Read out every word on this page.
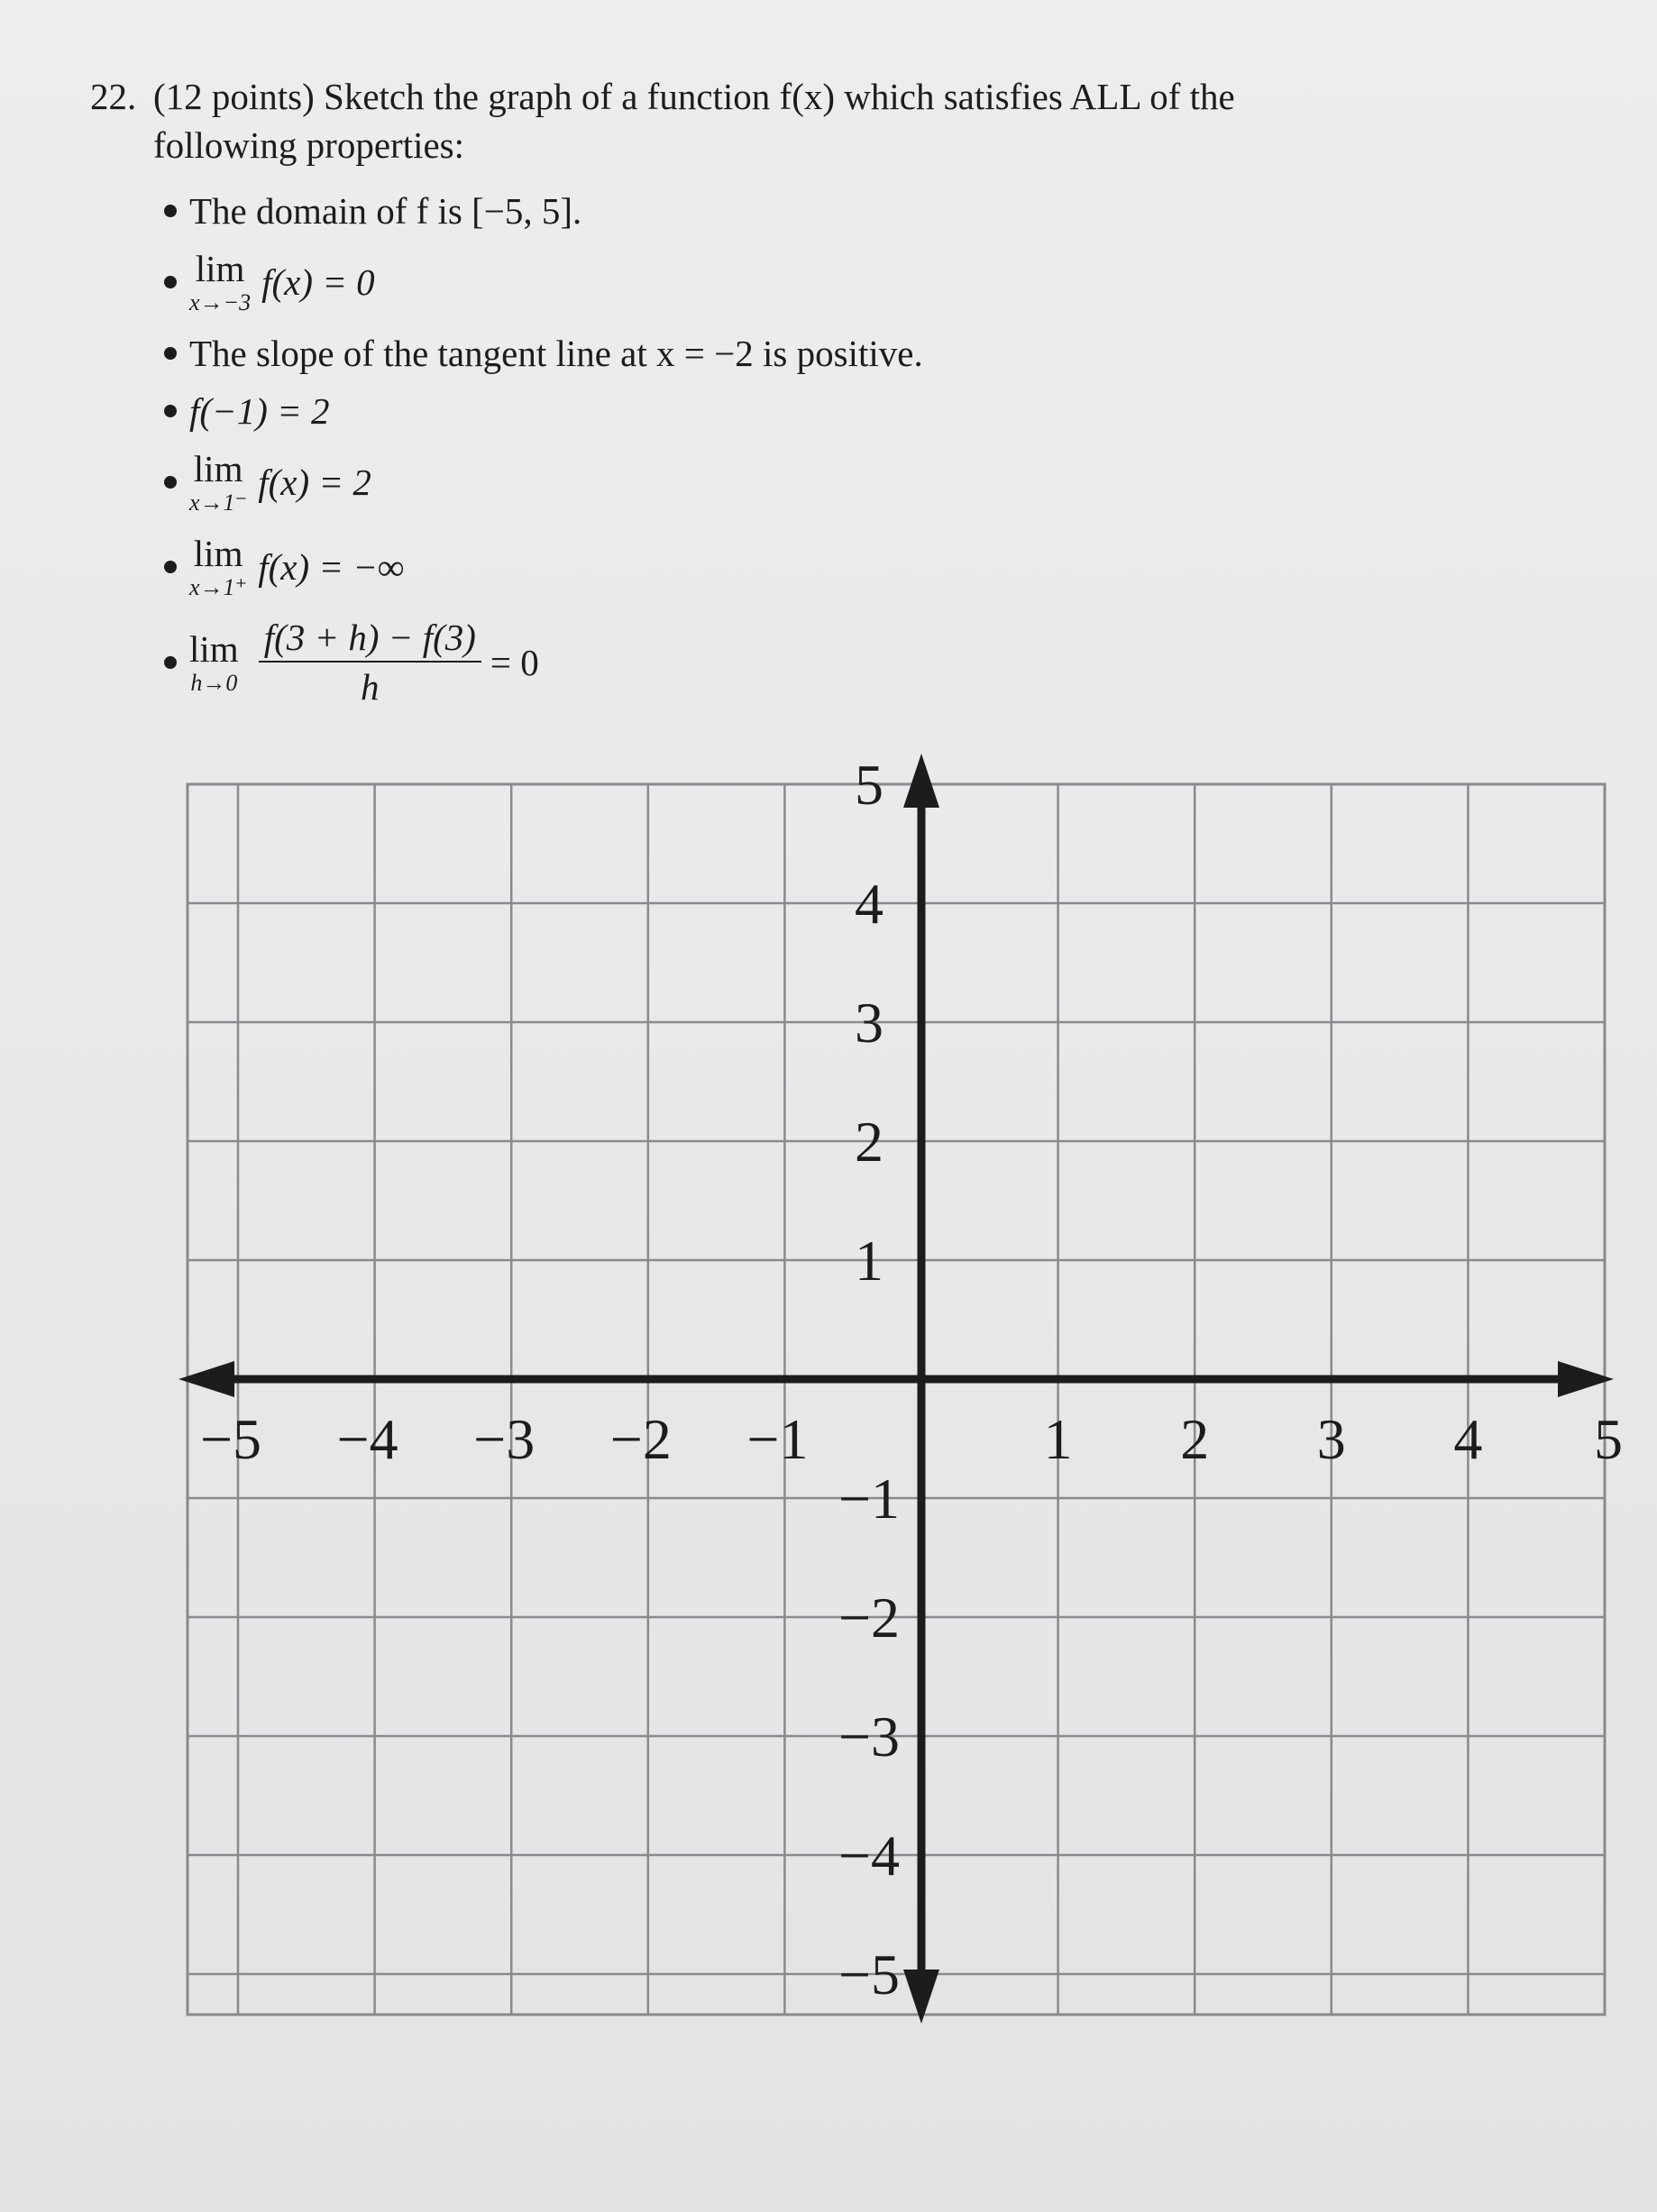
22. (12 points) Sketch the graph of a function f(x) which satisfies ALL of the
following properties:
The domain of f is [−5, 5].
lim
x→−3 f(x) = 0
The slope of the tangent line at x = −2 is positive.
f(−1) = 2
lim
x→1⁻ f(x) = 2
lim
x→1⁺ f(x) = −∞
lim
$h\to 0 \frac{f(3 + h) - f(3)}{h} = 0$
−5 −4 −3 −2 −1	1 2 3 4 5
5
4
3
2
1
−1
−2
−3
−4
−5
